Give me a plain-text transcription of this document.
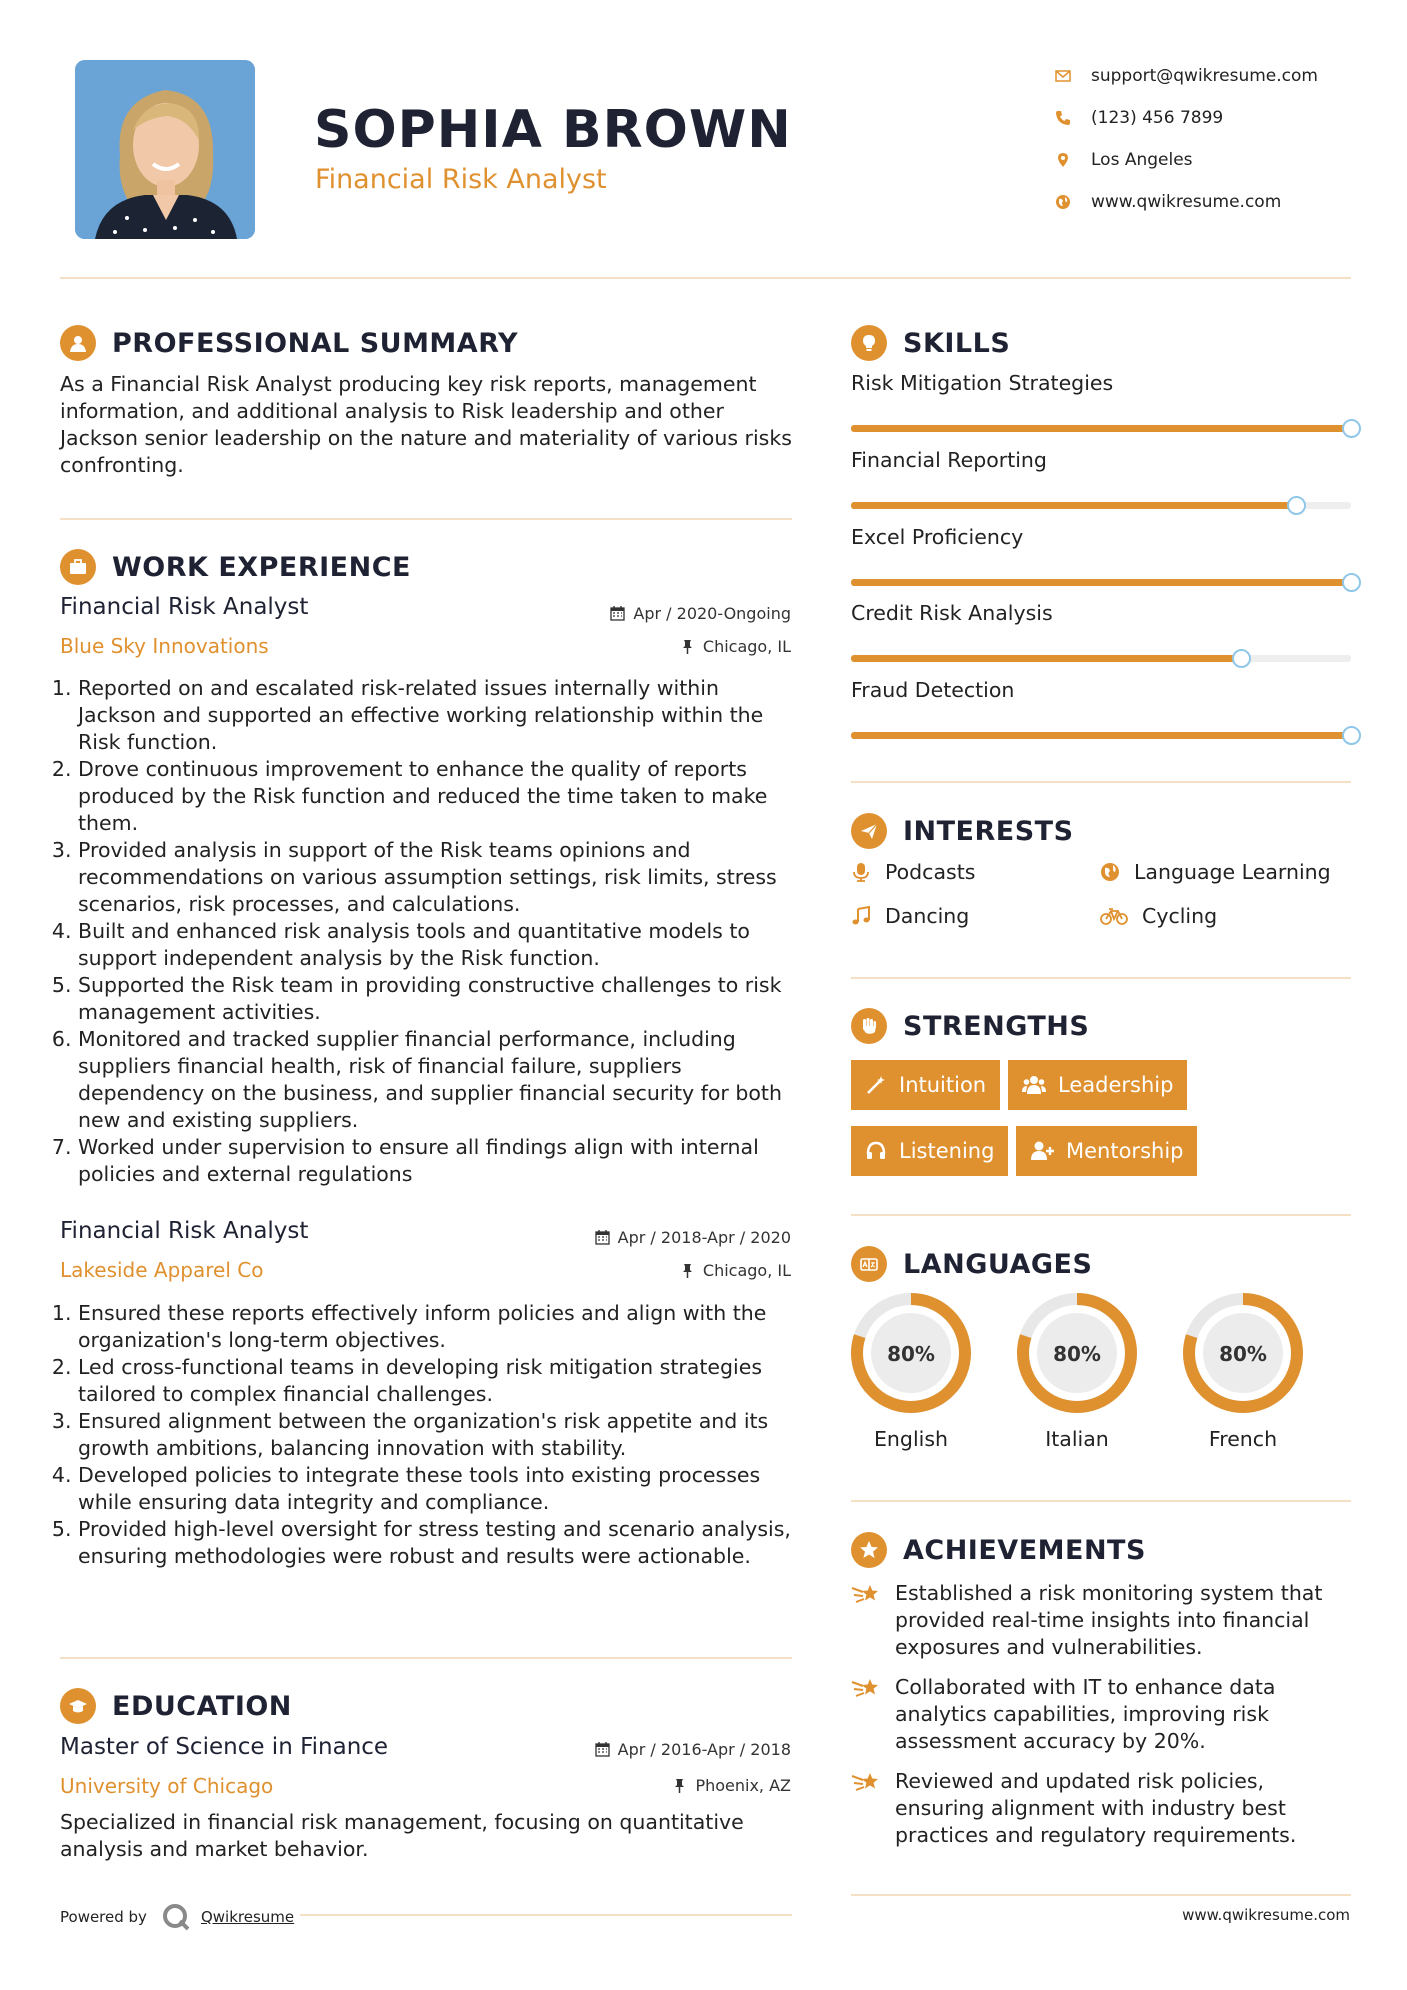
SOPHIA BROWN
Financial Risk Analyst
support@qwikresume.com
(123) 456 7899
Los Angeles
www.qwikresume.com
PROFESSIONAL SUMMARY
As a Financial Risk Analyst producing key risk reports, management information, and additional analysis to Risk leadership and other Jackson senior leadership on the nature and materiality of various risks confronting.
WORK EXPERIENCE
Financial Risk Analyst
Blue Sky Innovations
Apr / 2020-Ongoing
Chicago, IL
1. Reported on and escalated risk-related issues internally within Jackson and supported an effective working relationship within the Risk function.
2. Drove continuous improvement to enhance the quality of reports produced by the Risk function and reduced the time taken to make them.
3. Provided analysis in support of the Risk teams opinions and recommendations on various assumption settings, risk limits, stress scenarios, risk processes, and calculations.
4. Built and enhanced risk analysis tools and quantitative models to support independent analysis by the Risk function.
5. Supported the Risk team in providing constructive challenges to risk management activities.
6. Monitored and tracked supplier financial performance, including suppliers financial health, risk of financial failure, suppliers dependency on the business, and supplier financial security for both new and existing suppliers.
7. Worked under supervision to ensure all findings align with internal policies and external regulations
Financial Risk Analyst
Lakeside Apparel Co
Apr / 2018-Apr / 2020
Chicago, IL
1. Ensured these reports effectively inform policies and align with the organization's long-term objectives.
2. Led cross-functional teams in developing risk mitigation strategies tailored to complex financial challenges.
3. Ensured alignment between the organization's risk appetite and its growth ambitions, balancing innovation with stability.
4. Developed policies to integrate these tools into existing processes while ensuring data integrity and compliance.
5. Provided high-level oversight for stress testing and scenario analysis, ensuring methodologies were robust and results were actionable.
EDUCATION
Master of Science in Finance
University of Chicago
Apr / 2016-Apr / 2018
Phoenix, AZ
Specialized in financial risk management, focusing on quantitative analysis and market behavior.
Powered by	Qwikresume
SKILLS
Risk Mitigation Strategies
Financial Reporting
Excel Proficiency
Credit Risk Analysis
Fraud Detection
INTERESTS
Podcasts	Language Learning
Dancing	Cycling
STRENGTHS
Intuition	Leadership
Listening	Mentorship
LANGUAGES
80%
English
80%
Italian
80%
French
ACHIEVEMENTS
Established a risk monitoring system that provided real-time insights into financial exposures and vulnerabilities.
Collaborated with IT to enhance data analytics capabilities, improving risk assessment accuracy by 20%.
Reviewed and updated risk policies, ensuring alignment with industry best practices and regulatory requirements.
www.qwikresume.com
